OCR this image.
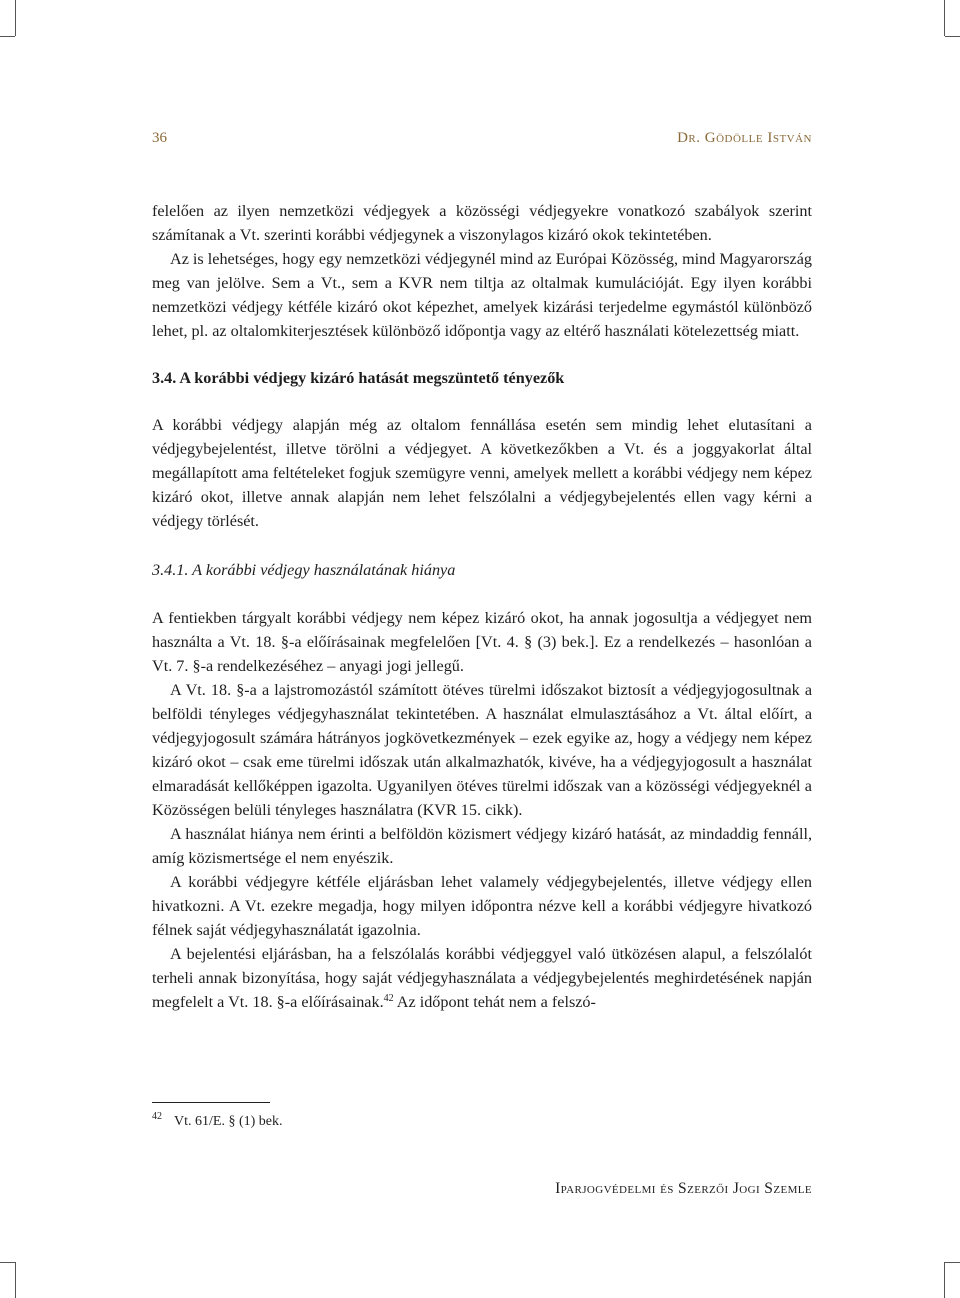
36	Dr. Gödölle István

felelően az ilyen nemzetközi védjegyek a közösségi védjegyekre vonatkozó szabályok szerint számítanak a Vt. szerinti korábbi védjegynek a viszonylagos kizáró okok tekintetében.

Az is lehetséges, hogy egy nemzetközi védjegynél mind az Európai Közösség, mind Magyarország meg van jelölve. Sem a Vt., sem a KVR nem tiltja az oltalmak kumulációját. Egy ilyen korábbi nemzetközi védjegy kétféle kizáró okot képezhet, amelyek kizárási terjedelme egymástól különböző lehet, pl. az oltalomkiterjesztések különböző időpontja vagy az eltérő használati kötelezettség miatt.

3.4. A korábbi védjegy kizáró hatását megszüntető tényezők

A korábbi védjegy alapján még az oltalom fennállása esetén sem mindig lehet elutasítani a védjegybejelentést, illetve törölni a védjegyet. A következőkben a Vt. és a joggyakorlat által megállapított ama feltételeket fogjuk szemügyre venni, amelyek mellett a korábbi védjegy nem képez kizáró okot, illetve annak alapján nem lehet felszólalni a védjegybejelentés ellen vagy kérni a védjegy törlését.

3.4.1. A korábbi védjegy használatának hiánya

A fentiekben tárgyalt korábbi védjegy nem képez kizáró okot, ha annak jogosultja a védjegyet nem használta a Vt. 18. §-a előírásainak megfelelően [Vt. 4. § (3) bek.]. Ez a rendelkezés – hasonlóan a Vt. 7. §-a rendelkezéséhez – anyagi jogi jellegű.

A Vt. 18. §-a a lajstromozástól számított ötéves türelmi időszakot biztosít a védjegyjogosultnak a belföldi tényleges védjegyhasználat tekintetében. A használat elmulasztásához a Vt. által előírt, a védjegyjogosult számára hátrányos jogkövetkezmények – ezek egyike az, hogy a védjegy nem képez kizáró okot – csak eme türelmi időszak után alkalmazhatók, kivéve, ha a védjegyjogosult a használat elmaradását kellőképpen igazolta. Ugyanilyen ötéves türelmi időszak van a közösségi védjegyeknél a Közösségen belüli tényleges használatra (KVR 15. cikk).

A használat hiánya nem érinti a belföldön közismert védjegy kizáró hatását, az mindaddig fennáll, amíg közismertsége el nem enyészik.

A korábbi védjegyre kétféle eljárásban lehet valamely védjegybejelentés, illetve védjegy ellen hivatkozni. A Vt. ezekre megadja, hogy milyen időpontra nézve kell a korábbi védjegyre hivatkozó félnek saját védjegyhasználatát igazolnia.

A bejelentési eljárásban, ha a felszólalás korábbi védjeggyel való ütközésen alapul, a felszólalót terheli annak bizonyítása, hogy saját védjegyhasználata a védjegybejelentés meghirdetésének napján megfelelt a Vt. 18. §-a előírásainak.$^{42}$ Az időpont tehát nem a felszó-

42 Vt. 61/E. § (1) bek.
Iparjogvédelmi és Szerzői Jogi Szemle
